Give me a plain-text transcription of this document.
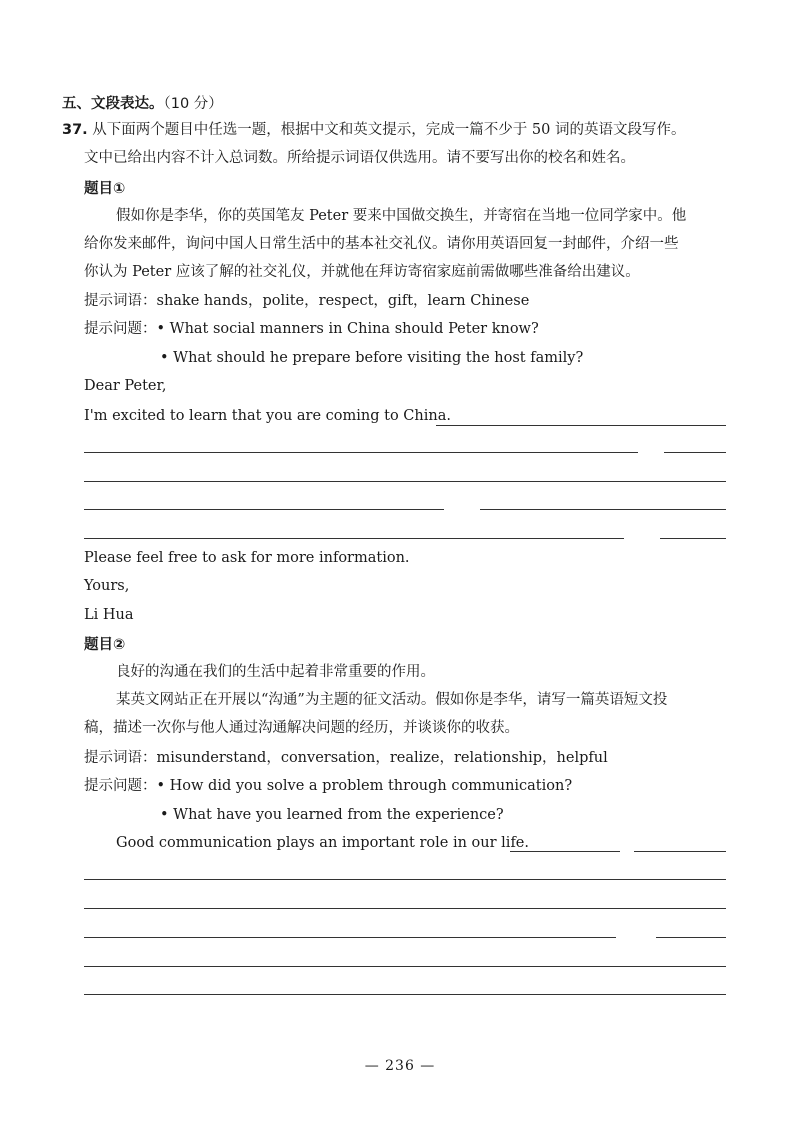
五、文段表达。（10 分）
37. 从下面两个题目中任选一题，根据中文和英文提示，完成一篇不少于 50 词的英语文段写作。
文中已给出内容不计入总词数。所给提示词语仅供选用。请不要写出你的校名和姓名。
题目①
假如你是李华，你的英国笔友 Peter 要来中国做交换生，并寄宿在当地一位同学家中。他
给你发来邮件，询问中国人日常生活中的基本社交礼仪。请你用英语回复一封邮件，介绍一些
你认为 Peter 应该了解的社交礼仪，并就他在拜访寄宿家庭前需做哪些准备给出建议。
提示词语：shake hands，polite，respect，gift，learn Chinese
提示问题：• What social manners in China should Peter know?
• What should he prepare before visiting the host family?
Dear Peter,
I'm excited to learn that you are coming to China.
Please feel free to ask for more information.
Yours,
Li Hua
题目②
良好的沟通在我们的生活中起着非常重要的作用。
某英文网站正在开展以“沟通”为主题的征文活动。假如你是李华，请写一篇英语短文投
稿，描述一次你与他人通过沟通解决问题的经历，并谈谈你的收获。
提示词语：misunderstand，conversation，realize，relationship，helpful
提示问题：• How did you solve a problem through communication?
• What have you learned from the experience?
Good communication plays an important role in our life.
— 236 —
